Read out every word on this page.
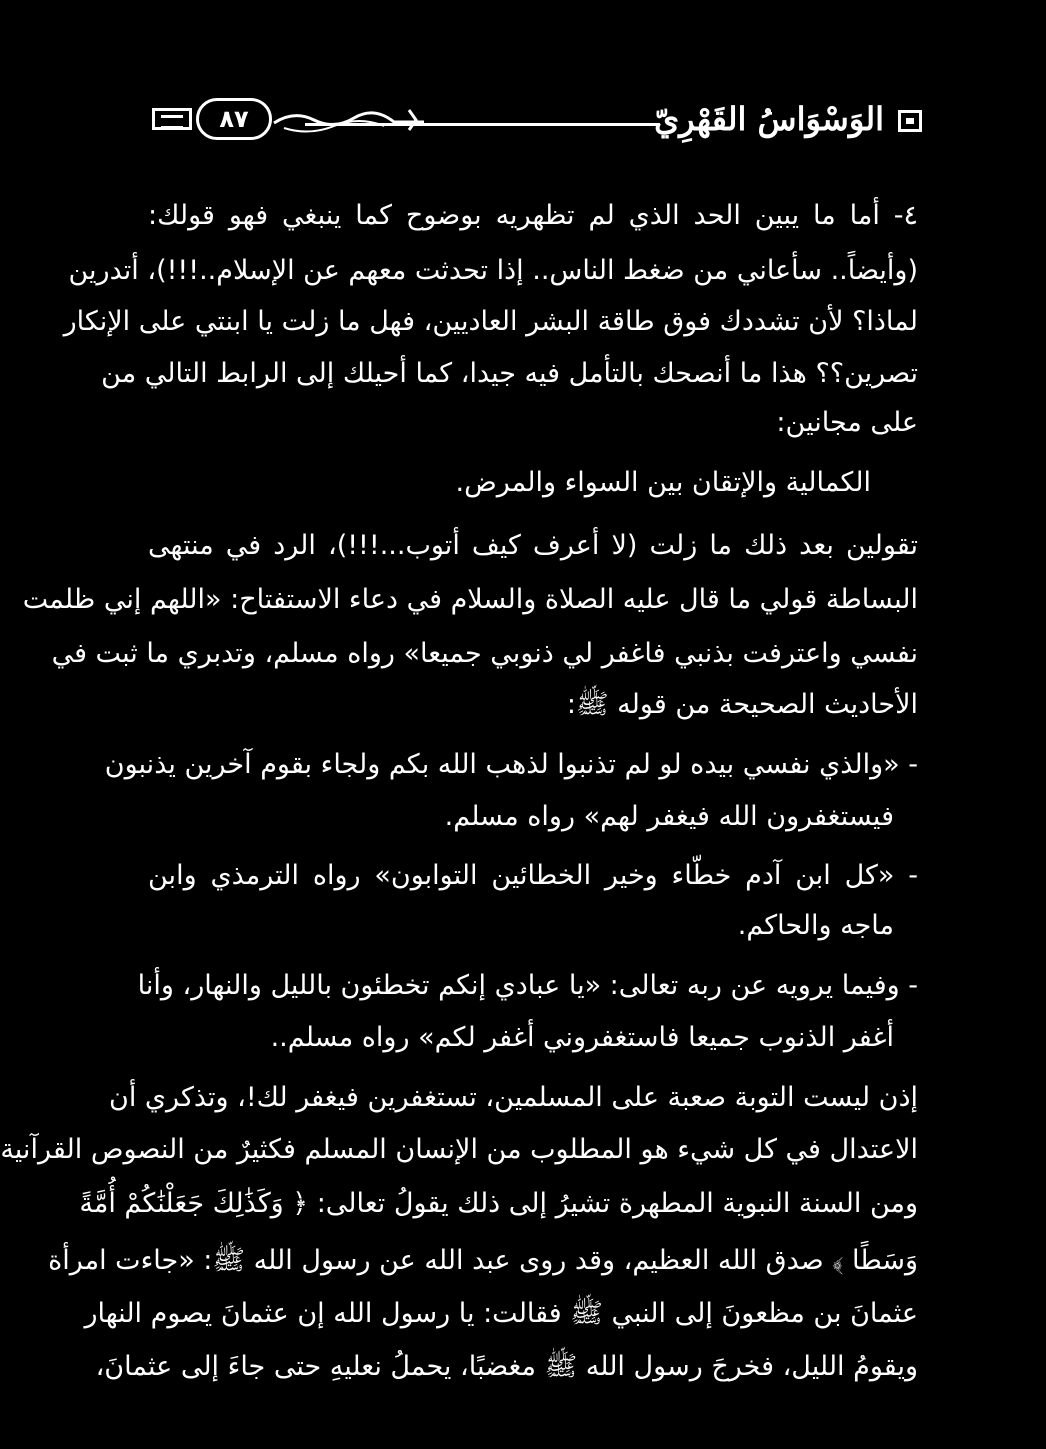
الوَسْوَاسُ القَهْرِيّ
٨٧
٤- أما ما يبين الحد الذي لم تظهريه بوضوح كما ينبغي فهو قولك:
(وأيضاً.. سأعاني من ضغط الناس.. إذا تحدثت معهم عن الإسلام..!!!)، أتدرين
لماذا؟ لأن تشددك فوق طاقة البشر العاديين، فهل ما زلت يا ابنتي على الإنكار
تصرين؟؟ هذا ما أنصحك بالتأمل فيه جيدا، كما أحيلك إلى الرابط التالي من
على مجانين:
الكمالية والإتقان بين السواء والمرض.
تقولين بعد ذلك ما زلت (لا أعرف كيف أتوب...!!!)، الرد في منتهى
البساطة قولي ما قال عليه الصلاة والسلام في دعاء الاستفتاح: «اللهم إني ظلمت
نفسي واعترفت بذنبي فاغفر لي ذنوبي جميعا» رواه مسلم، وتدبري ما ثبت في
الأحاديث الصحيحة من قوله ﷺ:
- «والذي نفسي بيده لو لم تذنبوا لذهب الله بكم ولجاء بقوم آخرين يذنبون
فيستغفرون الله فيغفر لهم» رواه مسلم.
- «كل ابن آدم خطّاء وخير الخطائين التوابون» رواه الترمذي وابن
ماجه والحاكم.
- وفيما يرويه عن ربه تعالى: «يا عبادي إنكم تخطئون بالليل والنهار، وأنا
أغفر الذنوب جميعا فاستغفروني أغفر لكم» رواه مسلم..
إذن ليست التوبة صعبة على المسلمين، تستغفرين فيغفر لك!، وتذكري أن
الاعتدال في كل شيء هو المطلوب من الإنسان المسلم فكثيرٌ من النصوص القرآنية
ومن السنة النبوية المطهرة تشيرُ إلى ذلك يقولُ تعالى: ﴿ وَكَذَٰلِكَ جَعَلْنَٰكُمْ أُمَّةً
وَسَطًا ﴾ صدق الله العظيم، وقد روى عبد الله عن رسول الله ﷺ: «جاءت امرأة
عثمانَ بن مظعونَ إلى النبي ﷺ فقالت: يا رسول الله إن عثمانَ يصوم النهار
ويقومُ الليل، فخرجَ رسول الله ﷺ مغضبًا، يحملُ نعليهِ حتى جاءَ إلى عثمانَ،
